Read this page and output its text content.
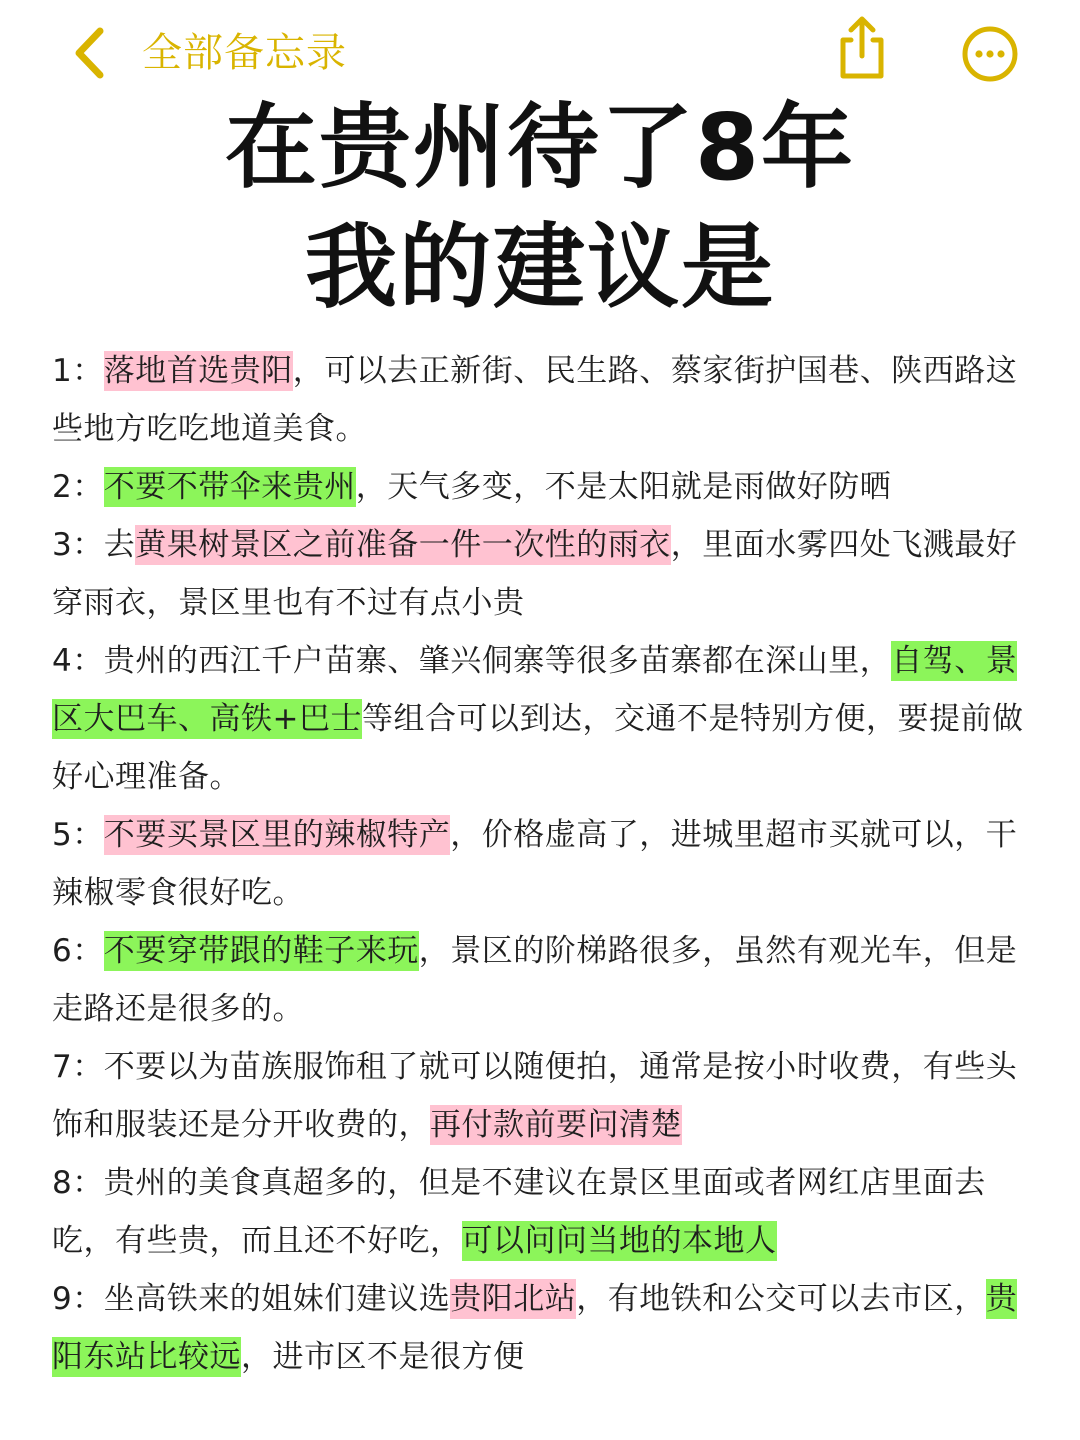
全部备忘录
在贵州待了8年
我的建议是

1：落地首选贵阳，可以去正新街、民生路、蔡家街护国巷、陕西路这些地方吃吃地道美食。

2：不要不带伞来贵州，天气多变，不是太阳就是雨做好防晒

3：去黄果树景区之前准备一件一次性的雨衣，里面水雾四处飞溅最好穿雨衣，景区里也有不过有点小贵

4：贵州的西江千户苗寨、肇兴侗寨等很多苗寨都在深山里，自驾、景区大巴车、高铁+巴士等组合可以到达，交通不是特别方便，要提前做好心理准备。

5：不要买景区里的辣椒特产，价格虚高了，进城里超市买就可以，干辣椒零食很好吃。

6：不要穿带跟的鞋子来玩，景区的阶梯路很多，虽然有观光车，但是走路还是很多的。

7：不要以为苗族服饰租了就可以随便拍，通常是按小时收费，有些头饰和服装还是分开收费的，再付款前要问清楚

8：贵州的美食真超多的，但是不建议在景区里面或者网红店里面去吃，有些贵，而且还不好吃，可以问问当地的本地人

9：坐高铁来的姐妹们建议选贵阳北站，有地铁和公交可以去市区，贵阳东站比较远，进市区不是很方便
